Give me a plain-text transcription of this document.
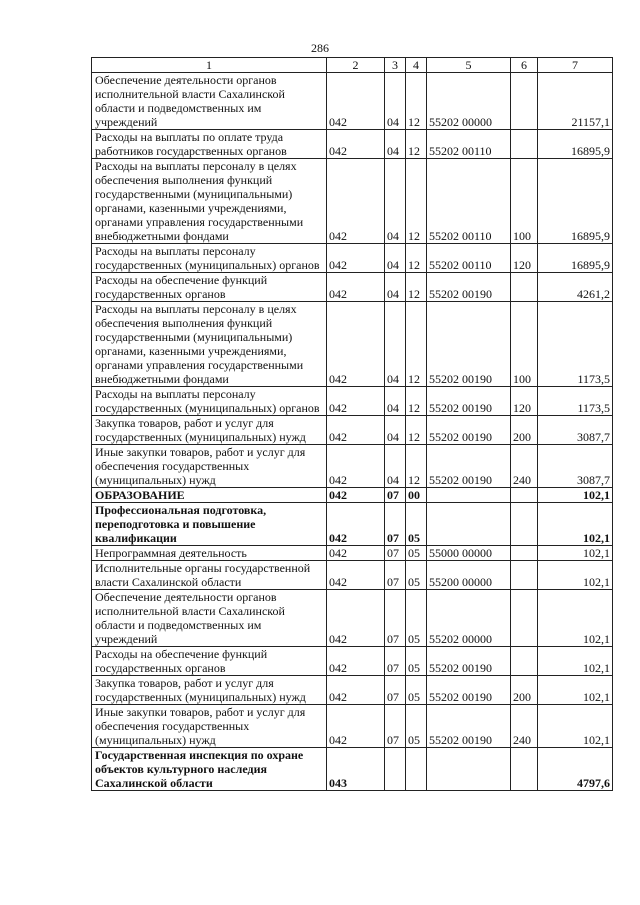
286
1	2	3	4	5	6	7
Обеспечение деятельности органов исполнительной власти Сахалинской области и подведомственных им учреждений	042	04	12	55202 00000		21157,1
Расходы на выплаты по оплате труда работников государственных органов	042	04	12	55202 00110		16895,9
Расходы на выплаты персоналу в целях обеспечения выполнения функций государственными (муниципальными) органами, казенными учреждениями, органами управления государственными внебюджетными фондами	042	04	12	55202 00110	100	16895,9
Расходы на выплаты персоналу государственных (муниципальных) органов	042	04	12	55202 00110	120	16895,9
Расходы на обеспечение функций государственных органов	042	04	12	55202 00190		4261,2
Расходы на выплаты персоналу в целях обеспечения выполнения функций государственными (муниципальными) органами, казенными учреждениями, органами управления государственными внебюджетными фондами	042	04	12	55202 00190	100	1173,5
Расходы на выплаты персоналу государственных (муниципальных) органов	042	04	12	55202 00190	120	1173,5
Закупка товаров, работ и услуг для государственных (муниципальных) нужд	042	04	12	55202 00190	200	3087,7
Иные закупки товаров, работ и услуг для обеспечения государственных (муниципальных) нужд	042	04	12	55202 00190	240	3087,7
ОБРАЗОВАНИЕ	042	07	00			102,1
Профессиональная подготовка, переподготовка и повышение квалификации	042	07	05			102,1
Непрограммная деятельность	042	07	05	55000 00000		102,1
Исполнительные органы государственной власти Сахалинской области	042	07	05	55200 00000		102,1
Обеспечение деятельности органов исполнительной власти Сахалинской области и подведомственных им учреждений	042	07	05	55202 00000		102,1
Расходы на обеспечение функций государственных органов	042	07	05	55202 00190		102,1
Закупка товаров, работ и услуг для государственных (муниципальных) нужд	042	07	05	55202 00190	200	102,1
Иные закупки товаров, работ и услуг для обеспечения государственных (муниципальных) нужд	042	07	05	55202 00190	240	102,1
Государственная инспекция по охране объектов культурного наследия Сахалинской области	043					4797,6
